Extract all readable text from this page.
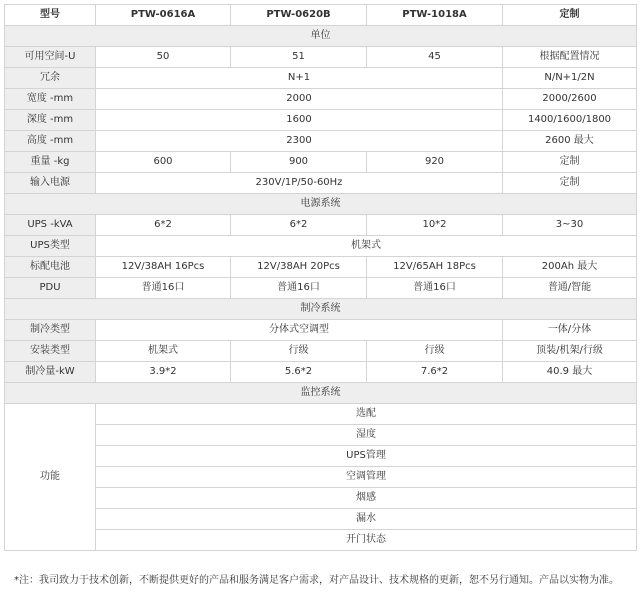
型号	PTW-0616A	PTW-0620B	PTW-1018A	定制
单位				
可用空间-U	50	51	45	根据配置情况
冗余	N+1			N/N+1/2N
宽度 -mm	2000			2000/2600
深度 -mm	1600			1400/1600/1800
高度 -mm	2300			2600 最大
重量 -kg	600	900	920	定制
输入电源	230V/1P/50-60Hz			定制
电源系统				
UPS -kVA	6*2	6*2	10*2	3~30
UPS类型	机架式			
标配电池	12V/38AH 16Pcs	12V/38AH 20Pcs	12V/65AH 18Pcs	200Ah 最大
PDU	普通16口	普通16口	普通16口	普通/智能
制冷系统				
制冷类型	分体式空调型			一体/分体
安装类型	机架式	行级	行级	顶装/机架/行级
制冷量-kW	3.9*2	5.6*2	7.6*2	40.9 最大
监控系统				
功能	选配			
	湿度			
	UPS管理			
	空调管理			
	烟感			
	漏水			
	开门状态			
*注：我司致力于技术创新，不断提供更好的产品和服务满足客户需求，对产品设计、技术规格的更新，恕不另行通知。产品以实物为准。
